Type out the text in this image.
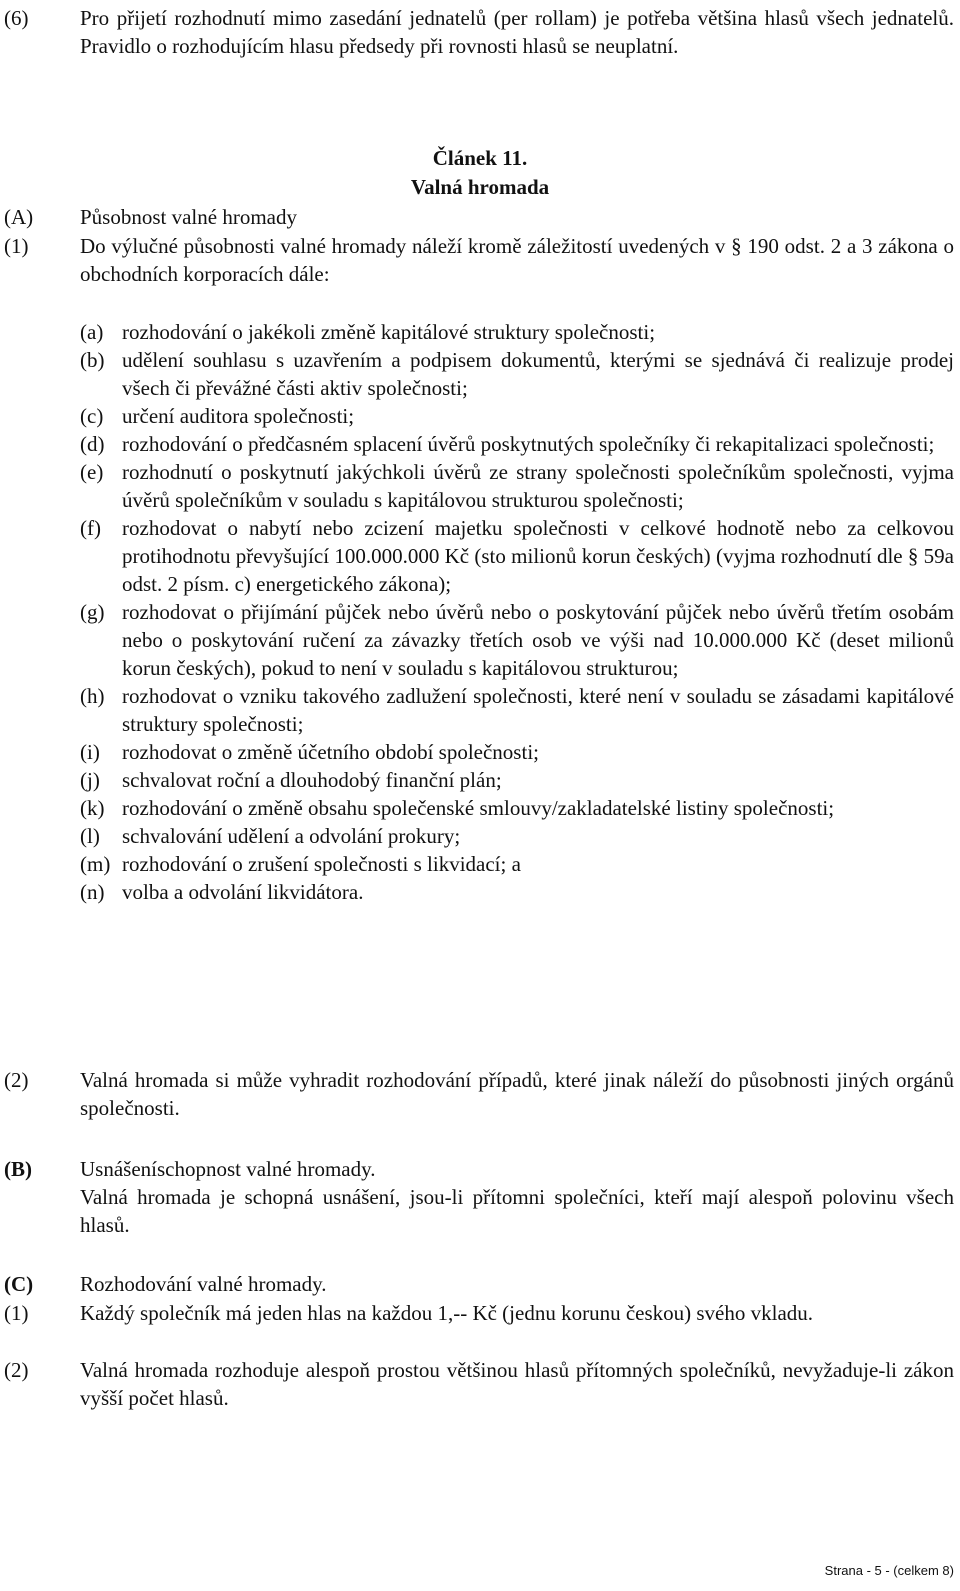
(6)	Pro přijetí rozhodnutí mimo zasedání jednatelů (per rollam) je potřeba většina hlasů všech jednatelů. Pravidlo o rozhodujícím hlasu předsedy při rovnosti hlasů se neuplatní.
Článek 11.
Valná hromada
(A)	Působnost valné hromady
(1)	Do výlučné působnosti valné hromady náleží kromě záležitostí uvedených v § 190 odst. 2 a 3 zákona o obchodních korporacích dále:
(a) rozhodování o jakékoli změně kapitálové struktury společnosti;
(b) udělení souhlasu s uzavřením a podpisem dokumentů, kterými se sjednává či realizuje prodej všech či převážné části aktiv společnosti;
(c) určení auditora společnosti;
(d) rozhodování o předčasném splacení úvěrů poskytnutých společníky či rekapitalizaci společnosti;
(e) rozhodnutí o poskytnutí jakýchkoli úvěrů ze strany společnosti společníkům společnosti, vyjma úvěrů společníkům v souladu s kapitálovou strukturou společnosti;
(f)	rozhodovat o nabytí nebo zcizení majetku společnosti v celkové hodnotě nebo za celkovou protihodnotu převyšující 100.000.000 Kč (sto milionů korun českých) (vyjma rozhodnutí dle § 59a odst. 2 písm. c) energetického zákona);
(g) rozhodovat o přijímání půjček nebo úvěrů nebo o poskytování půjček nebo úvěrů třetím osobám nebo o poskytování ručení za závazky třetích osob ve výši nad 10.000.000 Kč (deset milionů korun českých), pokud to není v souladu s kapitálovou strukturou;
(h) rozhodovat o vzniku takového zadlužení společnosti, které není v souladu se zásadami kapitálové struktury společnosti;
(i)	rozhodovat o změně účetního období společnosti;
(j)	schvalovat roční a dlouhodobý finanční plán;
(k) rozhodování o změně obsahu společenské smlouvy/zakladatelské listiny společnosti;
(l)	schvalování udělení a odvolání prokury;
(m) rozhodování o zrušení společnosti s likvidací; a
(n) volba a odvolání likvidátora.
(2)	Valná hromada si může vyhradit rozhodování případů, které jinak náleží do působnosti jiných orgánů společnosti.
(B)	Usnášeníschopnost valné hromady.
Valná hromada je schopná usnášení, jsou-li přítomni společníci, kteří mají alespoň polovinu všech hlasů.
(C)	Rozhodování valné hromady.
(1)	Každý společník má jeden hlas na každou 1,-- Kč (jednu korunu českou) svého vkladu.
(2)	Valná hromada rozhoduje alespoň prostou většinou hlasů přítomných společníků, nevyžaduje-li zákon vyšší počet hlasů.
Strana - 5 - (celkem 8)
